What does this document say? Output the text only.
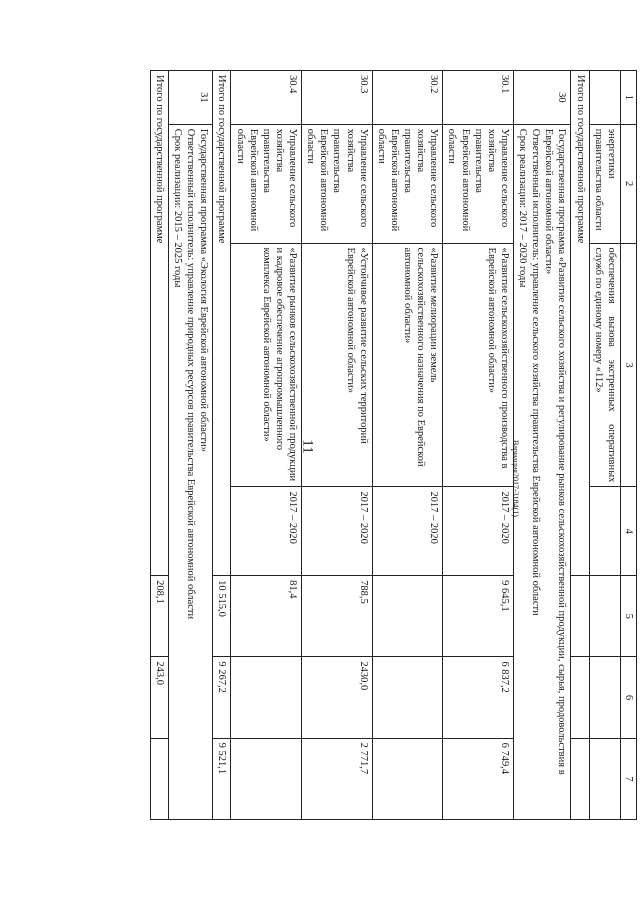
11	Вариация2017-3184(1)
1	2	3	4	5	6	7
	энергетики правительства области	обеспечения вызова экстренных оперативных служб по единому номеру «112»				
Итого по государственной программе						
30	Государственная программа «Развитие сельского хозяйства и регулирование рынков сельскохозяйственной продукции, сырья, продовольствия в Еврейской автономной области»
Ответственный исполнитель: управление сельского хозяйства правительства Еврейской автономной области
Срок реализации: 2017 – 2020 годы					
30.1	Управление сельского хозяйства правительства Еврейской автономной области	«Развитие сельскохозяйственного производства в Еврейской автономной области»	2017 – 2020	9 645,1	6 837,2	6 749,4
30.2	Управление сельского хозяйства правительства Еврейской автономной области	«Развитие мелиорации земель сельскохозяйственного назначения по Еврейской автономной области»	2017 – 2020			
30.3	Управление сельского хозяйства правительства Еврейской автономной области	«Устойчивое развитие сельских территорий Еврейской автономной области»	2017 – 2020	788,5	2430,0	2 771,7
30.4	Управление сельского хозяйства правительства Еврейской автономной области	«Развитие рынков сельскохозяйственной продукции и кадровое обеспечение агропромышленного комплекса Еврейской автономной области»	2017 – 2020	81,4		
Итого по государственной программе				10 515,0	9 267,2	9 521,1
31	Государственная программа «Экология Еврейской автономной области»
Ответственный исполнитель: управление природных ресурсов правительства Еврейской автономной области
Срок реализации: 2015 – 2025 годы					
Итого по государственной программе				208,1	243,0	
